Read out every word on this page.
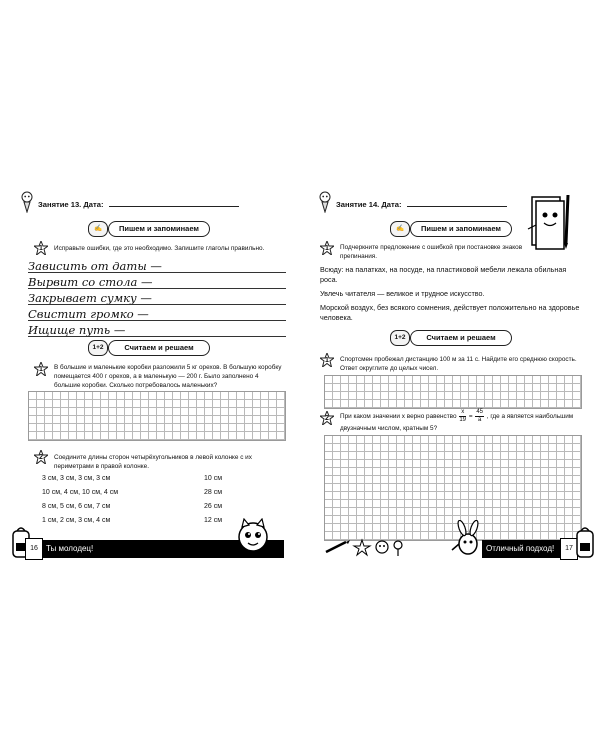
Занятие 13. Дата:
✍	Пишем и запоминаем
1	Исправьте ошибки, где это необходимо. Запишите глаголы правильно.
Зависить от даты —
Вырвит со стола —
Закрывает сумку —
Свистит громко —
Ищище путь —
1+2	Считаем и решаем
1	В большие и маленькие коробки разложили 5 кг орехов. В большую коробку помещается 400 г орехов, а в маленькую — 200 г. Было заполнено 4 большие коробки. Сколько потребовалось маленьких?
2	Соедините длины сторон четырёхугольников в левой колонке с их периметрами в правой колонке.
3 см, 3 см, 3 см, 3 см
10 см, 4 см, 10 см, 4 см
8 см, 5 см, 6 см, 7 см
1 см, 2 см, 3 см, 4 см
10 см
28 см
26 см
12 см
16	Ты молодец!
Занятие 14. Дата:
✍	Пишем и запоминаем
1	Подчеркните предложение с ошибкой при постановке знаков препинания.
Всюду: на палатках, на посуде, на пластиковой мебели лежала обильная роса.
Увлечь читателя — великое и трудное искусство.
Морской воздух, без всякого сомнения, действует положительно на здоровье человека.
1+2	Считаем и решаем
1	Спортсмен пробежал дистанцию 100 м за 11 с. Найдите его среднюю скорость. Ответ округлите до целых чисел.
2	При каком значении x верно равенство $\frac{x}{19} = \frac{45}{a}$ , где a является наибольшим двузначным числом, кратным 5?
Отличный подход!	17
